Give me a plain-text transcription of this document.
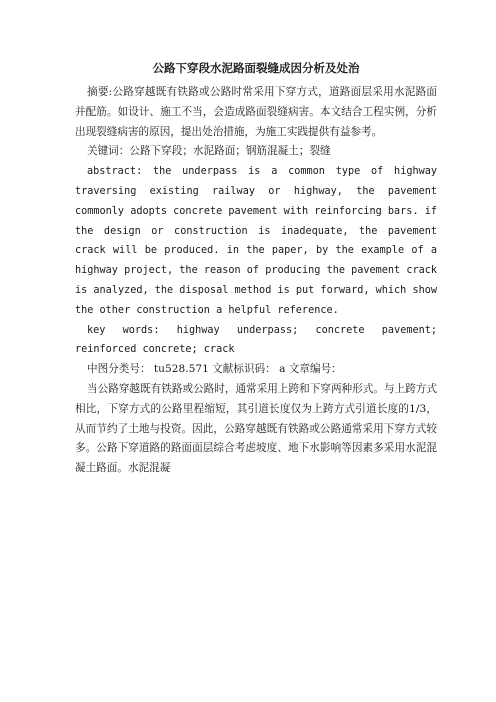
公路下穿段水泥路面裂缝成因分析及处治

摘要:公路穿越既有铁路或公路时常采用下穿方式，道路面层采用水泥路面并配筋。如设计、施工不当，会造成路面裂缝病害。本文结合工程实例，分析出现裂缝病害的原因，提出处治措施，为施工实践提供有益参考。

关键词：公路下穿段；水泥路面；钢筋混凝土；裂缝

abstract: the underpass is a common type of highway traversing existing railway or highway, the pavement commonly adopts concrete pavement with reinforcing bars. if the design or construction is inadequate, the pavement crack will be produced. in the paper, by the example of a highway project, the reason of producing the pavement crack is analyzed, the disposal method is put forward, which show the other construction a helpful reference.

key words: highway underpass; concrete pavement; reinforced concrete; crack

中图分类号： tu528.571 文献标识码： a 文章编号：

当公路穿越既有铁路或公路时，通常采用上跨和下穿两种形式。与上跨方式相比，下穿方式的公路里程缩短，其引道长度仅为上跨方式引道长度的1/3，从而节约了土地与投资。因此，公路穿越既有铁路或公路通常采用下穿方式较多。公路下穿道路的路面面层综合考虑坡度、地下水影响等因素多采用水泥混凝土路面。水泥混凝
